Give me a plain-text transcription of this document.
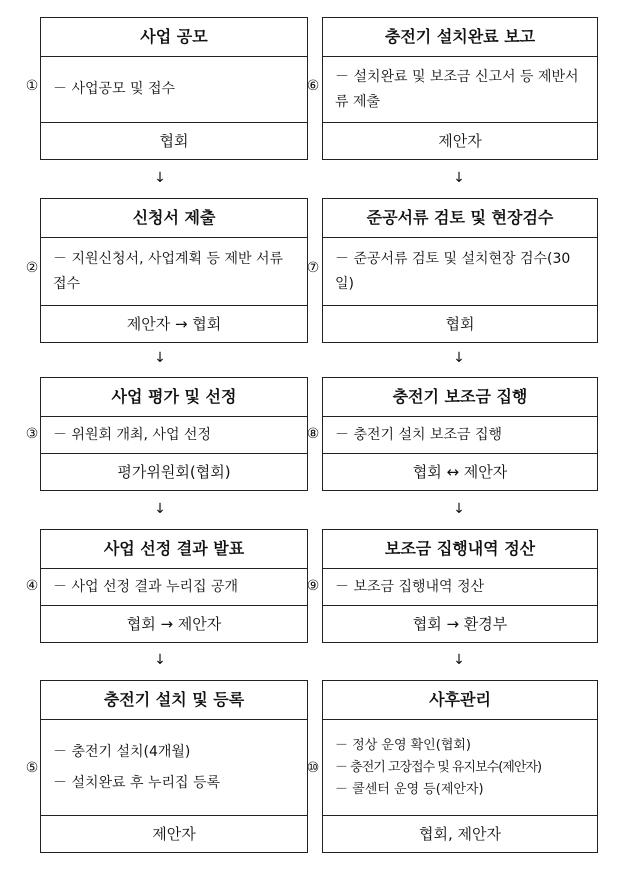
①
사업 공모
－ 사업공모 및 접수
협회
↓
②
신청서 제출
－ 지원신청서, 사업계획 등 제반 서류 접수
제안자 → 협회
↓
③
사업 평가 및 선정
－ 위원회 개최, 사업 선정
평가위원회(협회)
↓
④
사업 선정 결과 발표
－ 사업 선정 결과 누리집 공개
협회 → 제안자
↓
⑤
충전기 설치 및 등록
－ 충전기 설치(4개월)
－ 설치완료 후 누리집 등록
제안자
⑥
충전기 설치완료 보고
－ 설치완료 및 보조금 신고서 등 제반서류 제출
제안자
↓
⑦
준공서류 검토 및 현장검수
－ 준공서류 검토 및 설치현장 검수(30일)
협회
↓
⑧
충전기 보조금 집행
－ 충전기 설치 보조금 집행
협회 ↔ 제안자
↓
⑨
보조금 집행내역 정산
－ 보조금 집행내역 정산
협회 → 환경부
↓
⑩
사후관리
－ 정상 운영 확인(협회)
－ 충전기 고장접수 및 유지보수(제안자)
－ 콜센터 운영 등(제안자)
협회, 제안자
